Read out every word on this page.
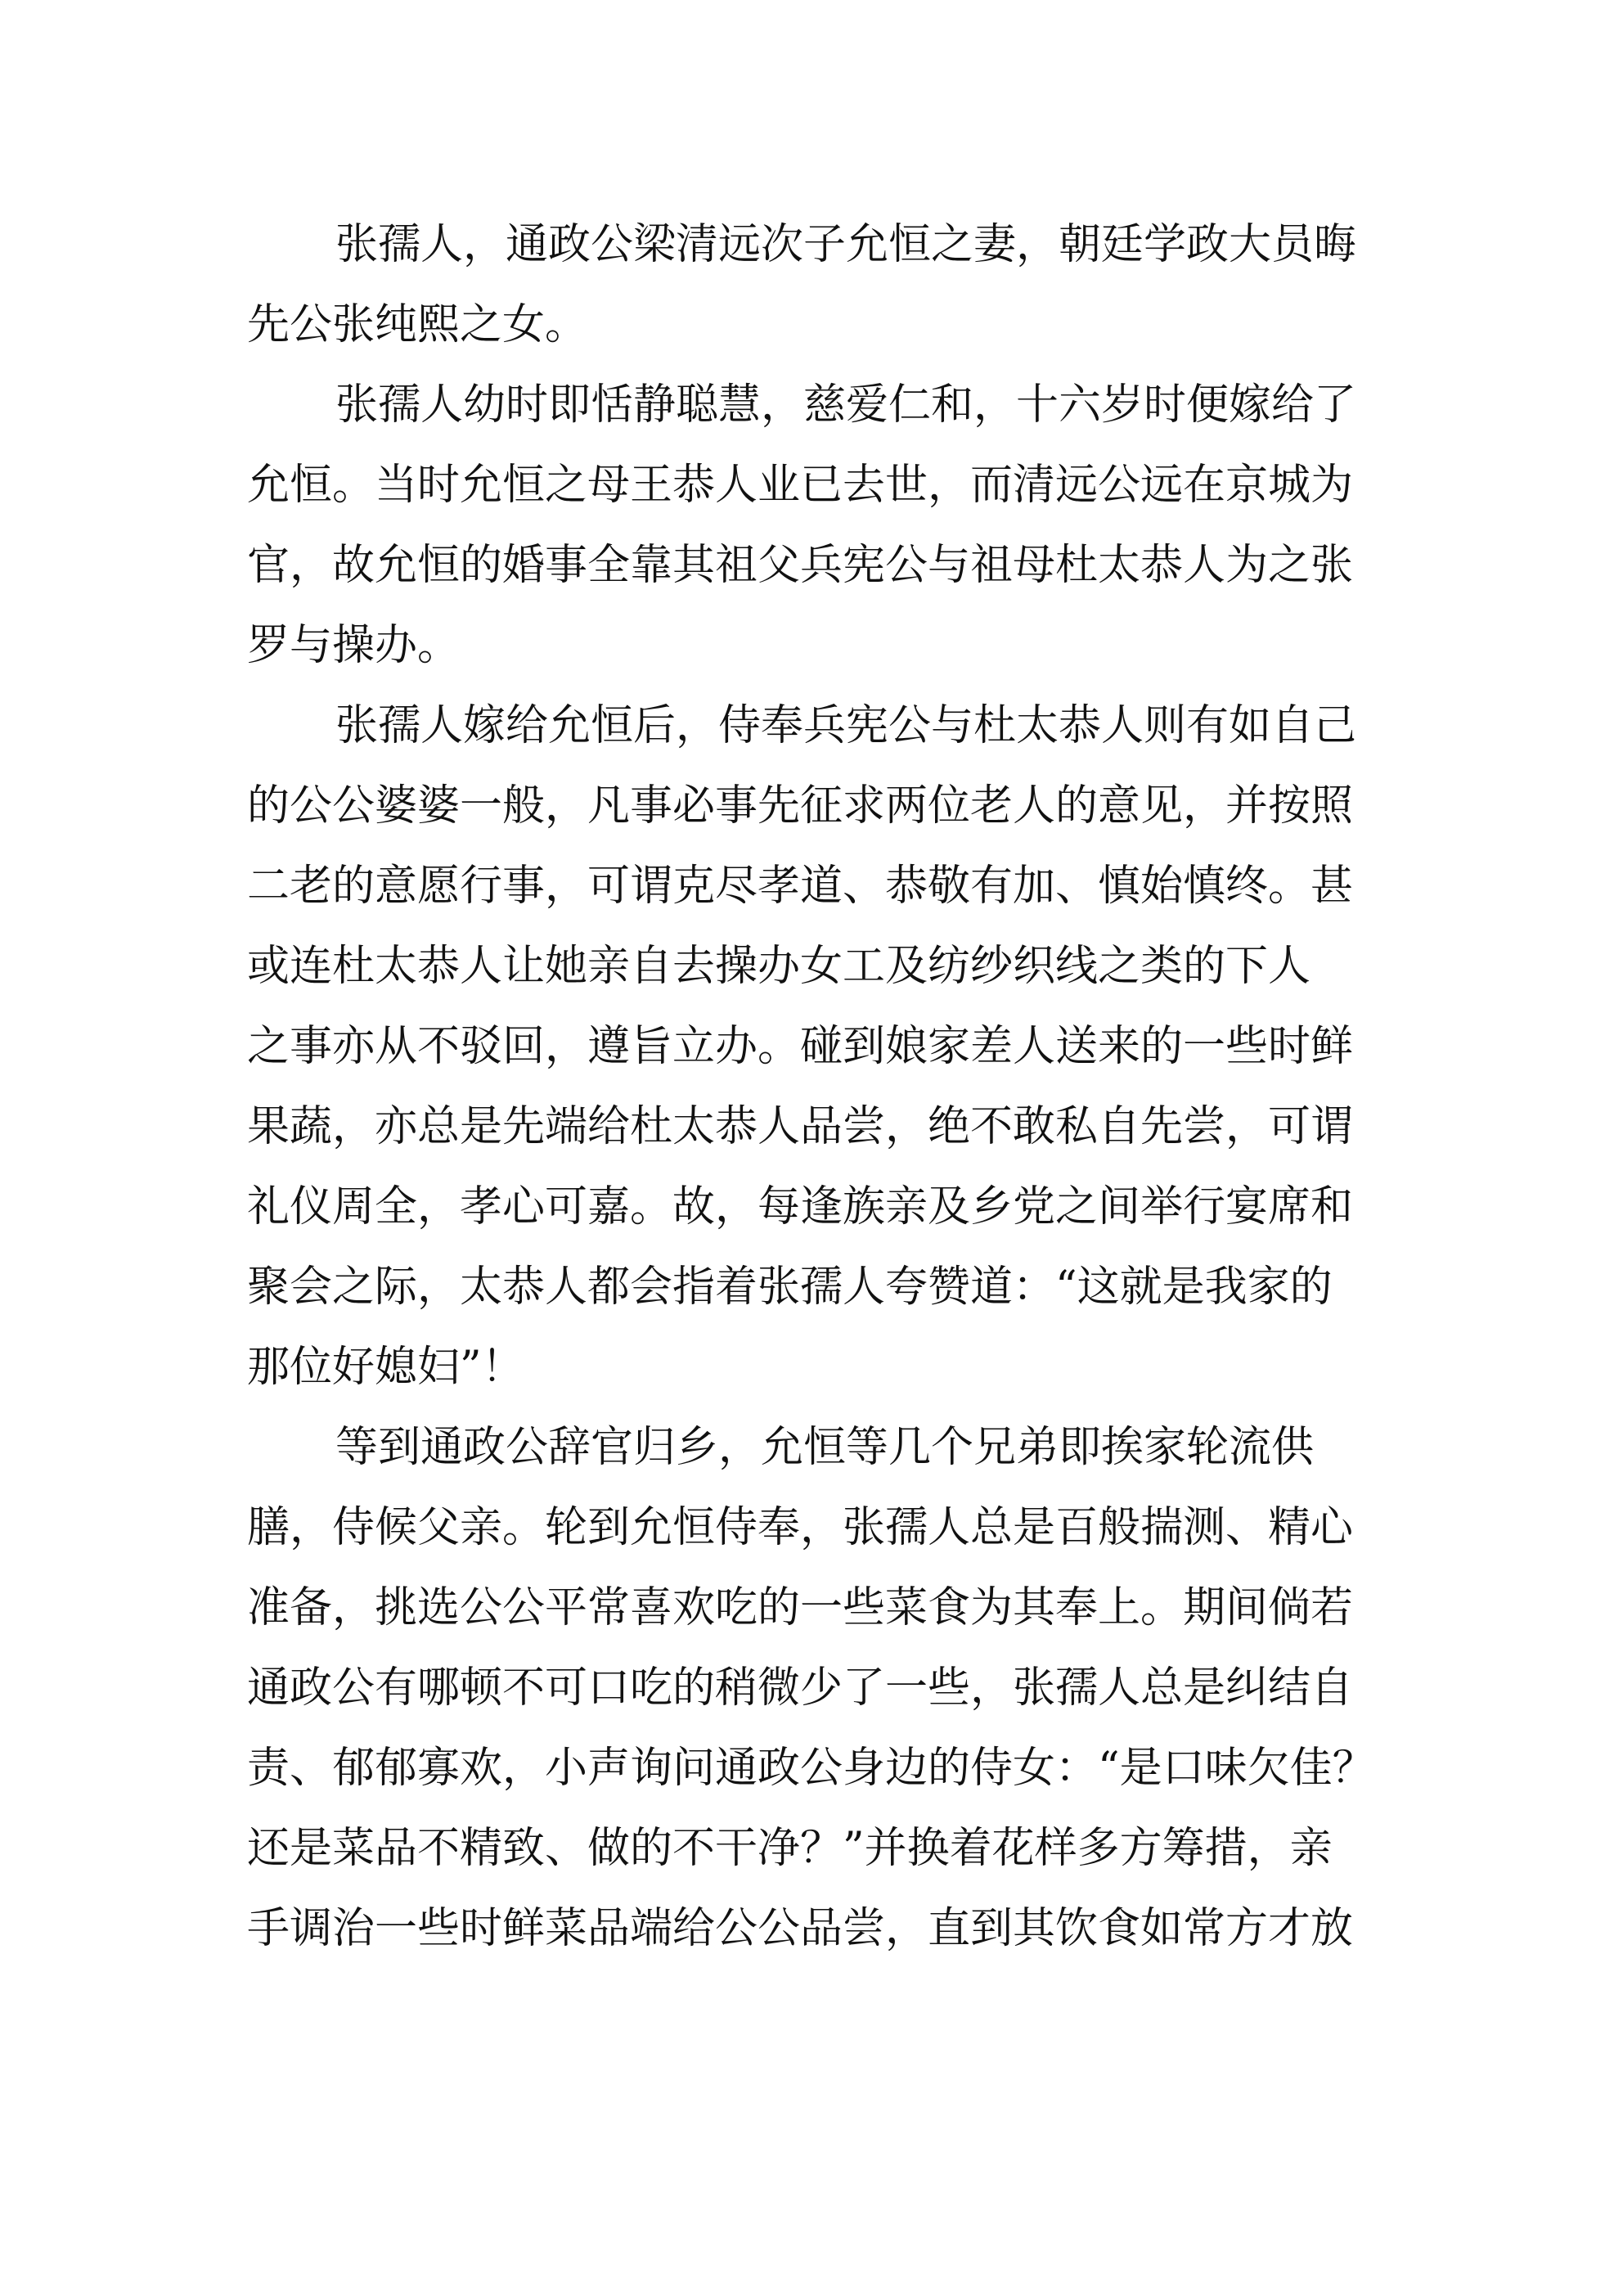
张孺人，通政公梁清远次子允恒之妻，朝廷学政大员晦
先公张纯熙之女。
张孺人幼时即恬静聪慧，慈爱仁和，十六岁时便嫁给了
允恒。当时允恒之母王恭人业已去世，而清远公远在京城为
官，故允恒的婚事全靠其祖父兵宪公与祖母杜太恭人为之张
罗与操办。
张孺人嫁给允恒后，侍奉兵宪公与杜太恭人则有如自己
的公公婆婆一般，凡事必事先征求两位老人的意见，并按照
二老的意愿行事，可谓克尽孝道、恭敬有加、慎始慎终。甚
或连杜太恭人让她亲自去操办女工及纺纱织线之类的下人
之事亦从不驳回，遵旨立办。碰到娘家差人送来的一些时鲜
果蔬，亦总是先端给杜太恭人品尝，绝不敢私自先尝，可谓
礼仪周全，孝心可嘉。故，每逢族亲及乡党之间举行宴席和
聚会之际，太恭人都会指着张孺人夸赞道：“这就是我家的
那位好媳妇”！
等到通政公辞官归乡，允恒等几个兄弟即挨家轮流供
膳，侍候父亲。轮到允恒侍奉，张孺人总是百般揣测、精心
准备，挑选公公平常喜欢吃的一些菜食为其奉上。期间倘若
通政公有哪顿不可口吃的稍微少了一些，张孺人总是纠结自
责、郁郁寡欢，小声询问通政公身边的侍女：“是口味欠佳？
还是菜品不精致、做的不干净？”并换着花样多方筹措，亲
手调治一些时鲜菜品端给公公品尝，直到其饮食如常方才放
